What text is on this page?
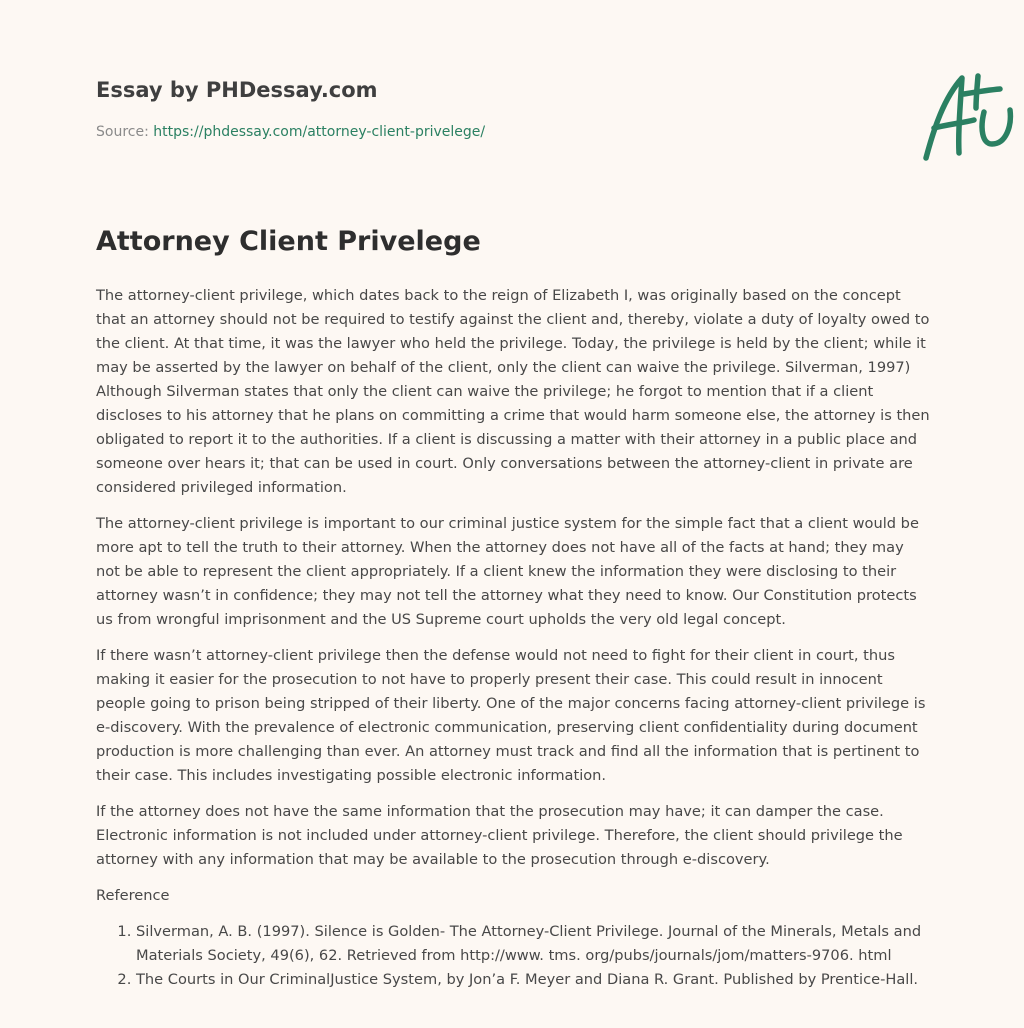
Essay by PHDessay.com
Source: https://phdessay.com/attorney-client-privelege/
Attorney Client Privelege

The attorney-client privilege, which dates back to the reign of Elizabeth I, was originally based on the concept that an attorney should not be required to testify against the client and, thereby, violate a duty of loyalty owed to the client. At that time, it was the lawyer who held the privilege. Today, the privilege is held by the client; while it may be asserted by the lawyer on behalf of the client, only the client can waive the privilege. Silverman, 1997) Although Silverman states that only the client can waive the privilege; he forgot to mention that if a client discloses to his attorney that he plans on committing a crime that would harm someone else, the attorney is then obligated to report it to the authorities. If a client is discussing a matter with their attorney in a public place and someone over hears it; that can be used in court. Only conversations between the attorney-client in private are considered privileged information.

The attorney-client privilege is important to our criminal justice system for the simple fact that a client would be more apt to tell the truth to their attorney. When the attorney does not have all of the facts at hand; they may not be able to represent the client appropriately. If a client knew the information they were disclosing to their attorney wasn’t in confidence; they may not tell the attorney what they need to know. Our Constitution protects us from wrongful imprisonment and the US Supreme court upholds the very old legal concept.

If there wasn’t attorney-client privilege then the defense would not need to fight for their client in court, thus making it easier for the prosecution to not have to properly present their case. This could result in innocent people going to prison being stripped of their liberty. One of the major concerns facing attorney-client privilege is e-discovery. With the prevalence of electronic communication, preserving client confidentiality during document production is more challenging than ever. An attorney must track and find all the information that is pertinent to their case. This includes investigating possible electronic information.

If the attorney does not have the same information that the prosecution may have; it can damper the case. Electronic information is not included under attorney-client privilege. Therefore, the client should privilege the attorney with any information that may be available to the prosecution through e-discovery.

Reference

1. Silverman, A. B. (1997). Silence is Golden- The Attorney-Client Privilege. Journal of the Minerals, Metals and Materials Society, 49(6), 62. Retrieved from http://www. tms. org/pubs/journals/jom/matters-9706. html
2. The Courts in Our CriminalJustice System, by Jon’a F. Meyer and Diana R. Grant. Published by Prentice-Hall.
